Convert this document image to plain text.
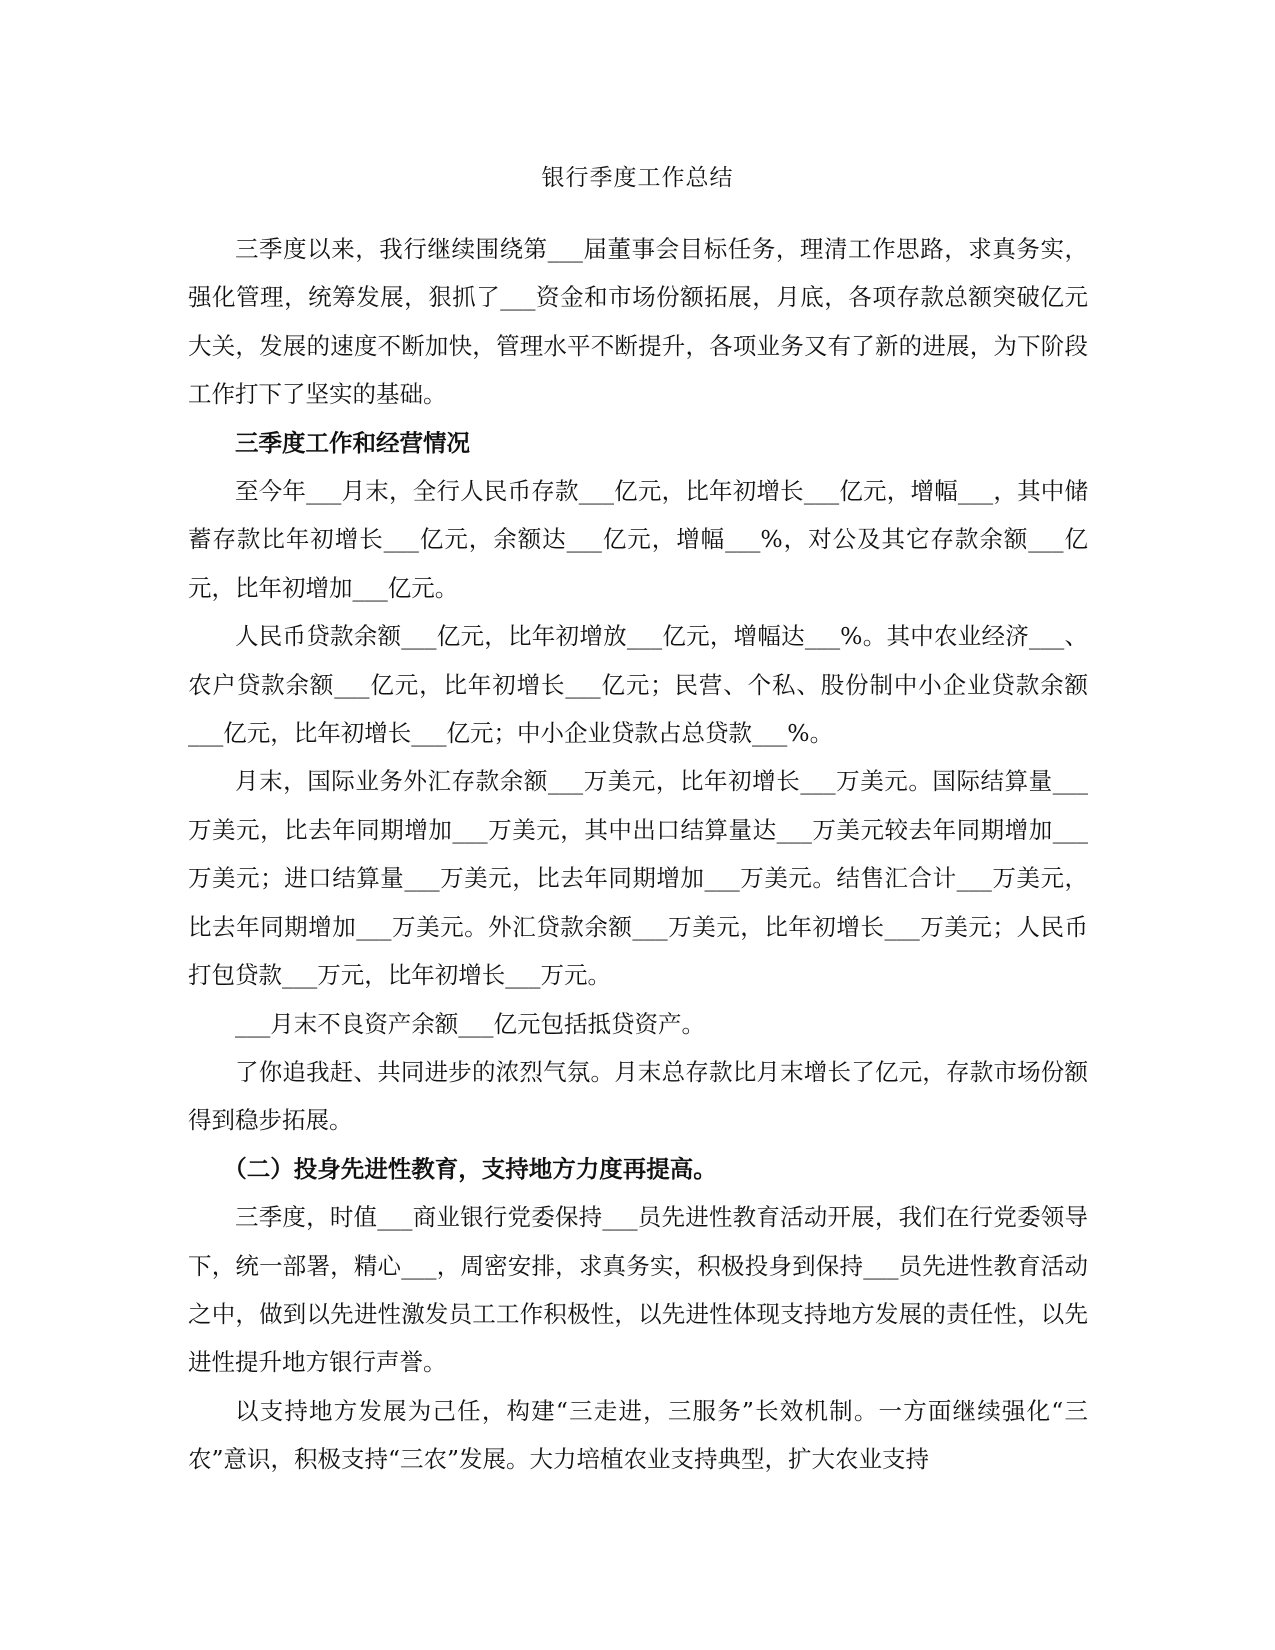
银行季度工作总结

三季度以来，我行继续围绕第___届董事会目标任务，理清工作思路，求真务实，强化管理，统筹发展，狠抓了___资金和市场份额拓展，月底，各项存款总额突破亿元大关，发展的速度不断加快，管理水平不断提升，各项业务又有了新的进展，为下阶段工作打下了坚实的基础。

三季度工作和经营情况

至今年___月末，全行人民币存款___亿元，比年初增长___亿元，增幅___，其中储蓄存款比年初增长___亿元，余额达___亿元，增幅___%，对公及其它存款余额___亿元，比年初增加___亿元。

人民币贷款余额___亿元，比年初增放___亿元，增幅达___%。其中农业经济___、农户贷款余额___亿元，比年初增长___亿元；民营、个私、股份制中小企业贷款余额___亿元，比年初增长___亿元；中小企业贷款占总贷款___%。

月末，国际业务外汇存款余额___万美元，比年初增长___万美元。国际结算量___万美元，比去年同期增加___万美元，其中出口结算量达___万美元较去年同期增加___万美元；进口结算量___万美元，比去年同期增加___万美元。结售汇合计___万美元，比去年同期增加___万美元。外汇贷款余额___万美元，比年初增长___万美元；人民币打包贷款___万元，比年初增长___万元。

___月末不良资产余额___亿元包括抵贷资产。

了你追我赶、共同进步的浓烈气氛。月末总存款比月末增长了亿元，存款市场份额得到稳步拓展。

（二）投身先进性教育，支持地方力度再提高。

三季度，时值___商业银行党委保持___员先进性教育活动开展，我们在行党委领导下，统一部署，精心___，周密安排，求真务实，积极投身到保持___员先进性教育活动之中，做到以先进性激发员工工作积极性，以先进性体现支持地方发展的责任性，以先进性提升地方银行声誉。

以支持地方发展为己任，构建“三走进，三服务”长效机制。一方面继续强化“三农”意识，积极支持“三农”发展。大力培植农业支持典型，扩大农业支持
